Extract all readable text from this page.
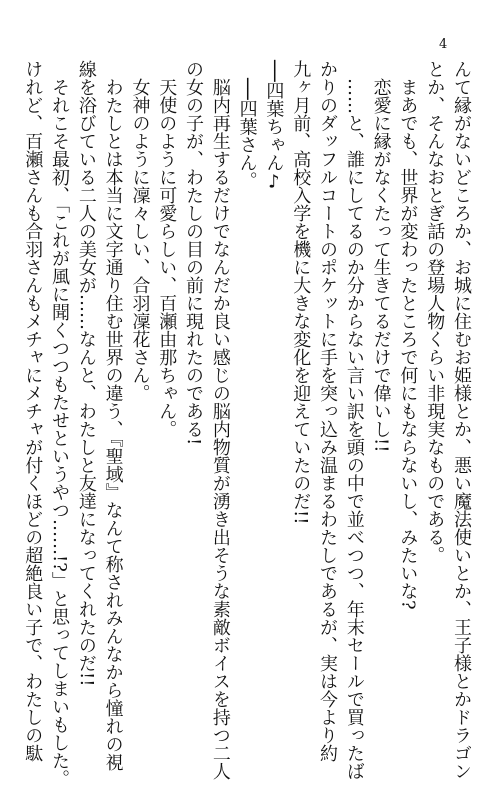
4
んて縁がないどころか、お城に住むお姫様とか、悪い魔法使いとか、王子様とかドラゴン
とか、そんなおとぎ話の登場人物くらい非現実なものである。
まあでも、世界が変わったところで何にもならないし、みたいな?
恋愛に縁がなくたって生きてるだけで偉いし!!
……と、誰にしてるのか分からない言い訳を頭の中で並べつつ、年末セールで買ったば
かりのダッフルコートのポケットに手を突っ込み温まるわたしであるが、実は今より約
九ヶ月前、高校入学を機に大きな変化を迎えていたのだ!!
──四葉ちゃん♪
──四葉さん。
脳内再生するだけでなんだか良い感じの脳内物質が湧き出そうな素敵ボイスを持つ二人
の女の子が、わたしの目の前に現れたのである!
天使のように可愛らしい、百瀬由那ちゃん。
女神のように凜々しい、合羽凜花さん。
わたしとは本当に文字通り住む世界の違う、『聖域』なんて称されみんなから憧れの視
線を浴びている二人の美女が……なんと、わたしと友達になってくれたのだ!!
それこそ最初、「これが風に聞くつつもたせというやつ……!?」と思ってしまいもした。
けれど、百瀬さんも合羽さんもメチャにメチャが付くほどの超絶良い子で、わたしの駄
